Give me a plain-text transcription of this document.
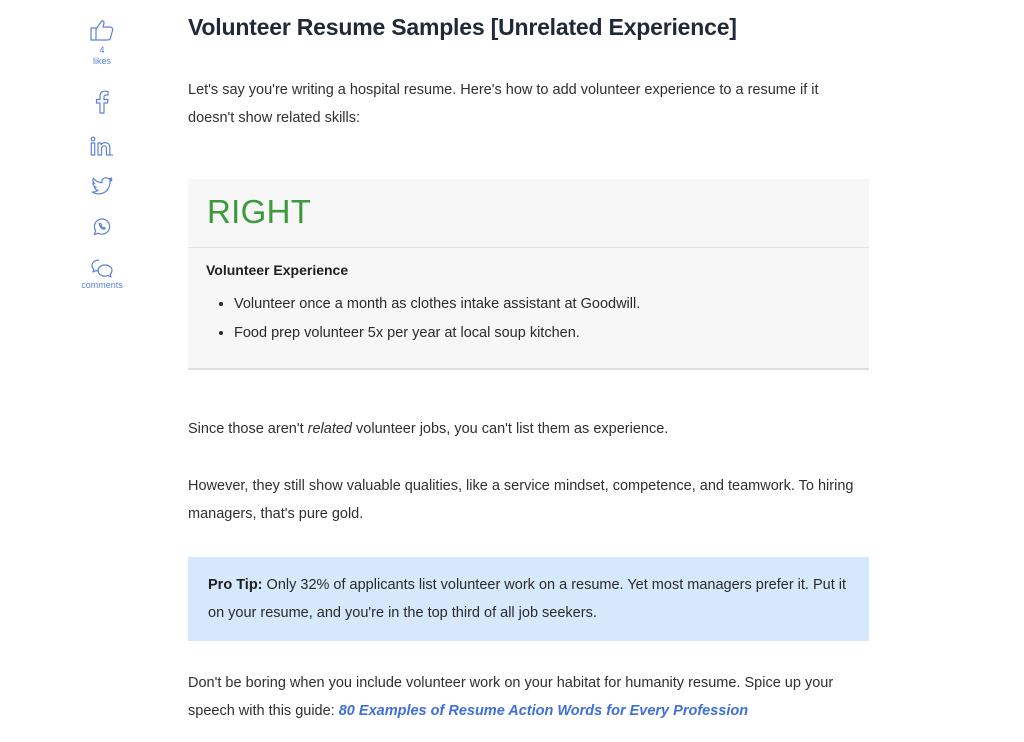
4
likes
comments
Volunteer Resume Samples [Unrelated Experience]

Let's say you're writing a hospital resume. Here's how to add volunteer experience to a resume if it doesn't show related skills:

RIGHT
Volunteer Experience
• Volunteer once a month as clothes intake assistant at Goodwill.
• Food prep volunteer 5x per year at local soup kitchen.

Since those aren't related volunteer jobs, you can't list them as experience.

However, they still show valuable qualities, like a service mindset, competence, and teamwork. To hiring managers, that's pure gold.

Pro Tip: Only 32% of applicants list volunteer work on a resume. Yet most managers prefer it. Put it on your resume, and you're in the top third of all job seekers.

Don't be boring when you include volunteer work on your habitat for humanity resume. Spice up your speech with this guide: 80 Examples of Resume Action Words for Every Profession
